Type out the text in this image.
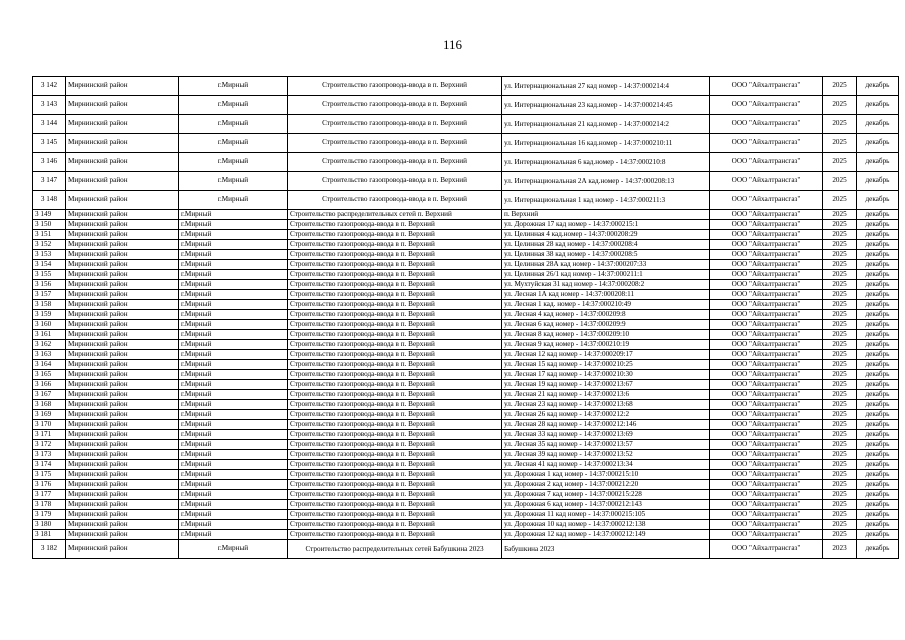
116
3 142	Мирнинский район	г.Мирный	Строительство газопровода-ввода в п. Верхний	ул. Интернациональная 27 кад номер - 14:37:000214:4	ООО "Айхалтрансгаз"	2025	декабрь
3 143	Мирнинский район	г.Мирный	Строительство газопровода-ввода в п. Верхний	ул. Интернациональная 23 кад.номер - 14:37:000214:45	ООО "Айхалтрансгаз"	2025	декабрь
3 144	Мирнинский район	г.Мирный	Строительство газопровода-ввода в п. Верхний	ул. Интернациональная 21 кад.номер - 14:37:000214:2	ООО "Айхалтрансгаз"	2025	декабрь
3 145	Мирнинский район	г.Мирный	Строительство газопровода-ввода в п. Верхний	ул. Интернациональная 16 кад.номер - 14:37:000210:11	ООО "Айхалтрансгаз"	2025	декабрь
3 146	Мирнинский район	г.Мирный	Строительство газопровода-ввода в п. Верхний	ул. Интернациональная 6 кад.номер - 14:37:000210:8	ООО "Айхалтрансгаз"	2025	декабрь
3 147	Мирнинский район	г.Мирный	Строительство газопровода-ввода в п. Верхний	ул. Интернациональная 2А кад.номер - 14:37:000208:13	ООО "Айхалтрансгаз"	2025	декабрь
3 148	Мирнинский район	г.Мирный	Строительство газопровода-ввода в п. Верхний	ул. Интернациональная 1 кад номер - 14:37:000211:3	ООО "Айхалтрансгаз"	2025	декабрь
3 149	Мирнинский район	г.Мирный	Строительство распределительных сетей п. Верхний	п. Верхний	ООО "Айхалтрансгаз"	2025	декабрь
3 150	Мирнинский район	г.Мирный	Строительство газопровода-ввода в п. Верхний	ул. Дорожная 17 кад номер - 14:37:000215:1	ООО "Айхалтрансгаз"	2025	декабрь
3 151	Мирнинский район	г.Мирный	Строительство газопровода-ввода в п. Верхний	ул. Целинная 4 кад.номер - 14:37:000208:29	ООО "Айхалтрансгаз"	2025	декабрь
3 152	Мирнинский район	г.Мирный	Строительство газопровода-ввода в п. Верхний	ул. Целинная 28 кад номер - 14:37:000208:4	ООО "Айхалтрансгаз"	2025	декабрь
3 153	Мирнинский район	г.Мирный	Строительство газопровода-ввода в п. Верхний	ул. Целинная 38 кад номер - 14:37:000208:5	ООО "Айхалтрансгаз"	2025	декабрь
3 154	Мирнинский район	г.Мирный	Строительство газопровода-ввода в п. Верхний	ул. Целинная 28А кад номер - 14:37:000207:33	ООО "Айхалтрансгаз"	2025	декабрь
3 155	Мирнинский район	г.Мирный	Строительство газопровода-ввода в п. Верхний	ул. Целинная 26/1 кад номер - 14:37:000211:1	ООО "Айхалтрансгаз"	2025	декабрь
3 156	Мирнинский район	г.Мирный	Строительство газопровода-ввода в п. Верхний	ул. Мухтуйская 31 кад номер - 14:37:000208:2	ООО "Айхалтрансгаз"	2025	декабрь
3 157	Мирнинский район	г.Мирный	Строительство газопровода-ввода в п. Верхний	ул. Лесная 1А кад номер - 14:37:000208:11	ООО "Айхалтрансгаз"	2025	декабрь
3 158	Мирнинский район	г.Мирный	Строительство газопровода-ввода в п. Верхний	ул. Лесная 1 кад. номер - 14:37:000210:49	ООО "Айхалтрансгаз"	2025	декабрь
3 159	Мирнинский район	г.Мирный	Строительство газопровода-ввода в п. Верхний	ул. Лесная 4 кад номер - 14:37:000209:8	ООО "Айхалтрансгаз"	2025	декабрь
3 160	Мирнинский район	г.Мирный	Строительство газопровода-ввода в п. Верхний	ул. Лесная 6 кад номер - 14:37:000209:9	ООО "Айхалтрансгаз"	2025	декабрь
3 161	Мирнинский район	г.Мирный	Строительство газопровода-ввода в п. Верхний	ул. Лесная 8 кад номер - 14:37:000209:10	ООО "Айхалтрансгаз"	2025	декабрь
3 162	Мирнинский район	г.Мирный	Строительство газопровода-ввода в п. Верхний	ул. Лесная 9 кад номер - 14:37:000210:19	ООО "Айхалтрансгаз"	2025	декабрь
3 163	Мирнинский район	г.Мирный	Строительство газопровода-ввода в п. Верхний	ул. Лесная 12 кад номер - 14:37:000209:17	ООО "Айхалтрансгаз"	2025	декабрь
3 164	Мирнинский район	г.Мирный	Строительство газопровода-ввода в п. Верхний	ул. Лесная 15 кад номер - 14:37:000210:25	ООО "Айхалтрансгаз"	2025	декабрь
3 165	Мирнинский район	г.Мирный	Строительство газопровода-ввода в п. Верхний	ул. Лесная 17 кад номер - 14:37:000210:30	ООО "Айхалтрансгаз"	2025	декабрь
3 166	Мирнинский район	г.Мирный	Строительство газопровода-ввода в п. Верхний	ул. Лесная 19 кад номер - 14:37:000213:67	ООО "Айхалтрансгаз"	2025	декабрь
3 167	Мирнинский район	г.Мирный	Строительство газопровода-ввода в п. Верхний	ул. Лесная 21 кад номер - 14:37:000213:6	ООО "Айхалтрансгаз"	2025	декабрь
3 168	Мирнинский район	г.Мирный	Строительство газопровода-ввода в п. Верхний	ул. Лесная 23 кад номер - 14:37:000213:68	ООО "Айхалтрансгаз"	2025	декабрь
3 169	Мирнинский район	г.Мирный	Строительство газопровода-ввода в п. Верхний	ул. Лесная 26 кад номер - 14:37:000212:2	ООО "Айхалтрансгаз"	2025	декабрь
3 170	Мирнинский район	г.Мирный	Строительство газопровода-ввода в п. Верхний	ул. Лесная 28 кад номер - 14:37:000212:146	ООО "Айхалтрансгаз"	2025	декабрь
3 171	Мирнинский район	г.Мирный	Строительство газопровода-ввода в п. Верхний	ул. Лесная 33 кад номер - 14:37:000213:69	ООО "Айхалтрансгаз"	2025	декабрь
3 172	Мирнинский район	г.Мирный	Строительство газопровода-ввода в п. Верхний	ул. Лесная 35 кад номер - 14:37:000213:57	ООО "Айхалтрансгаз"	2025	декабрь
3 173	Мирнинский район	г.Мирный	Строительство газопровода-ввода в п. Верхний	ул. Лесная 39 кад номер - 14:37:000213:52	ООО "Айхалтрансгаз"	2025	декабрь
3 174	Мирнинский район	г.Мирный	Строительство газопровода-ввода в п. Верхний	ул. Лесная 41 кад номер - 14:37:000213:34	ООО "Айхалтрансгаз"	2025	декабрь
3 175	Мирнинский район	г.Мирный	Строительство газопровода-ввода в п. Верхний	ул. Дорожная 1 кад номер - 14:37:000215:10	ООО "Айхалтрансгаз"	2025	декабрь
3 176	Мирнинский район	г.Мирный	Строительство газопровода-ввода в п. Верхний	ул. Дорожная 2 кад номер - 14:37:000212:20	ООО "Айхалтрансгаз"	2025	декабрь
3 177	Мирнинский район	г.Мирный	Строительство газопровода-ввода в п. Верхний	ул. Дорожная 7 кад номер - 14:37:000215:228	ООО "Айхалтрансгаз"	2025	декабрь
3 178	Мирнинский район	г.Мирный	Строительство газопровода-ввода в п. Верхний	ул. Дорожная 6 кад номер - 14:37:000212:143	ООО "Айхалтрансгаз"	2025	декабрь
3 179	Мирнинский район	г.Мирный	Строительство газопровода-ввода в п. Верхний	ул. Дорожная 11 кад номер - 14:37:000215:105	ООО "Айхалтрансгаз"	2025	декабрь
3 180	Мирнинский район	г.Мирный	Строительство газопровода-ввода в п. Верхний	ул. Дорожная 10 кад номер - 14:37:000212:138	ООО "Айхалтрансгаз"	2025	декабрь
3 181	Мирнинский район	г.Мирный	Строительство газопровода-ввода в п. Верхний	ул. Дорожная 12 кад номер - 14:37:000212:149	ООО "Айхалтрансгаз"	2025	декабрь
3 182	Мирнинский район	г.Мирный	Строительство распределительных сетей Бабушкина 2023	Бабушкина 2023	ООО "Айхалтрансгаз"	2023	декабрь
